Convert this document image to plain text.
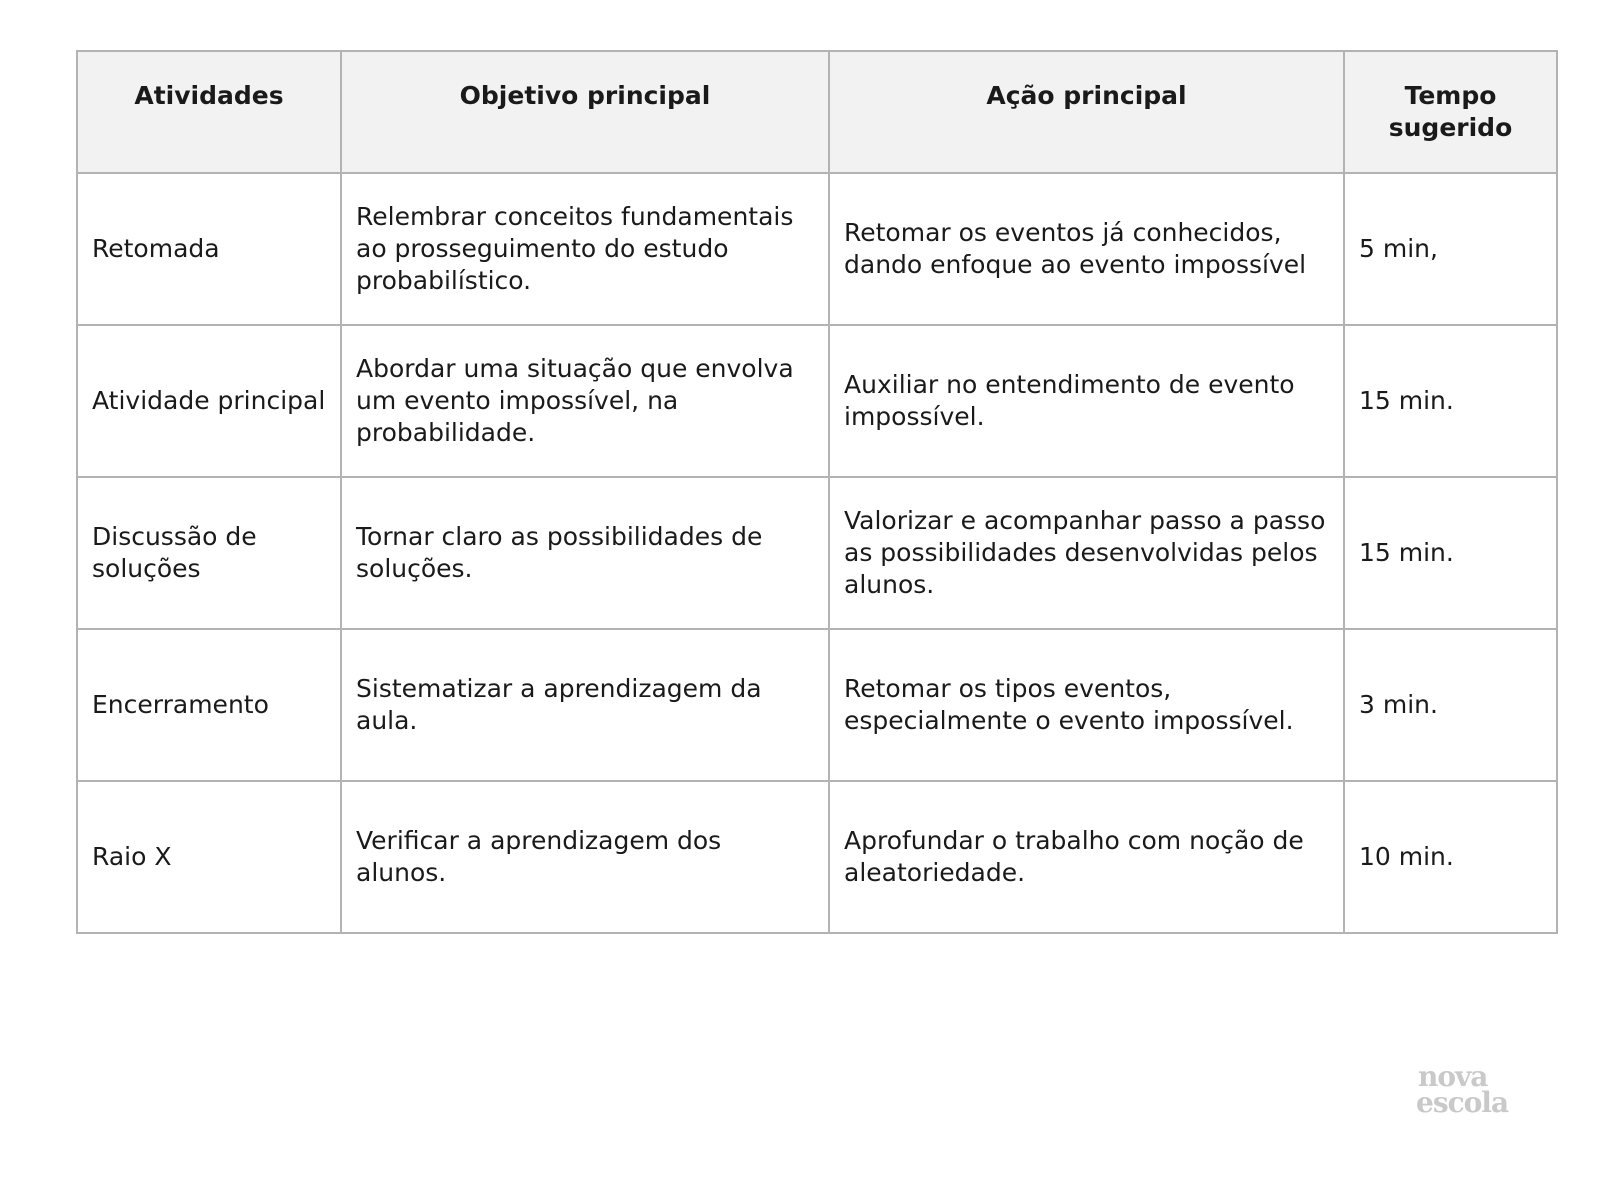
Atividades	Objetivo principal	Ação principal	Tempo sugerido
Retomada	Relembrar conceitos fundamentais ao prosseguimento do estudo probabilístico.	Retomar os eventos já conhecidos, dando enfoque ao evento impossível	5 min,
Atividade principal	Abordar uma situação que envolva um evento impossível, na probabilidade.	Auxiliar no entendimento de evento impossível.	15 min.
Discussão de soluções	Tornar claro as possibilidades de soluções.	Valorizar e acompanhar passo a passo as possibilidades desenvolvidas pelos alunos.	15 min.
Encerramento	Sistematizar a aprendizagem da aula.	Retomar os tipos eventos, especialmente o evento impossível.	3 min.
Raio X	Verificar a aprendizagem dos alunos.	Aprofundar o trabalho com noção de aleatoriedade.	10 min.
nova
escola
